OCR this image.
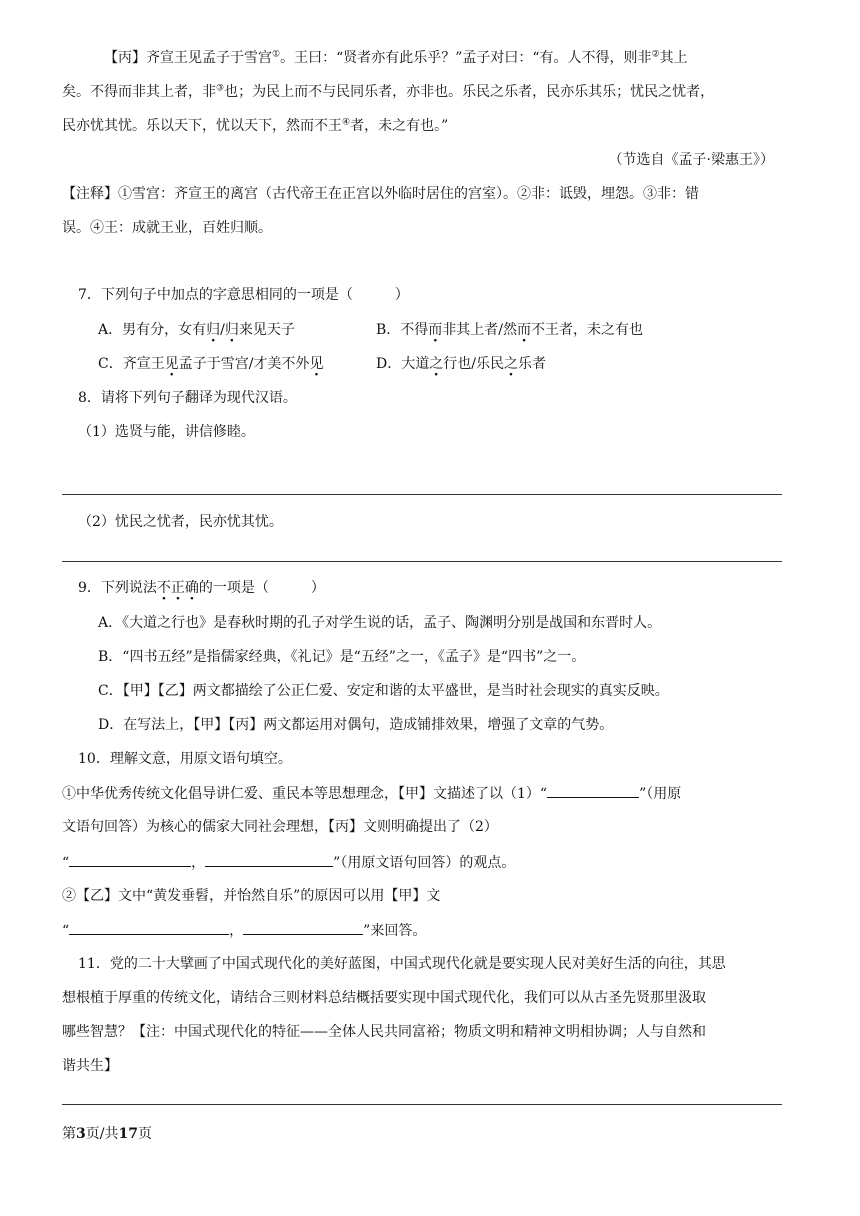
【丙】齐宣王见孟子于雪宫①。王曰：“贤者亦有此乐乎？”孟子对曰：“有。人不得，则非②其上
矣。不得而非其上者，非③也；为民上而不与民同乐者，亦非也。乐民之乐者，民亦乐其乐；忧民之忧者，
民亦忧其忧。乐以天下，忧以天下，然而不王④者，未之有也。”
（节选自《孟子·梁惠王》）
【注释】①雪宫：齐宣王的离宫（古代帝王在正宫以外临时居住的宫室）。②非：诋毁，埋怨。③非：错
误。④王：成就王业，百姓归顺。
7．下列句子中加点的字意思相同的一项是（　　　）
A．男有分，女有归/归来见天子	B．不得而非其上者/然而不王者，未之有也
C．齐宣王见孟子于雪宫/才美不外见	D．大道之行也/乐民之乐者
8．请将下列句子翻译为现代汉语。
（1）选贤与能，讲信修睦。
（2）忧民之忧者，民亦忧其忧。
9．下列说法不正确的一项是（　　　）
A．《大道之行也》是春秋时期的孔子对学生说的话，孟子、陶渊明分别是战国和东晋时人。
B．“四书五经”是指儒家经典，《礼记》是“五经”之一，《孟子》是“四书”之一。
C．【甲】【乙】两文都描绘了公正仁爱、安定和谐的太平盛世，是当时社会现实的真实反映。
D．在写法上，【甲】【丙】两文都运用对偶句，造成铺排效果，增强了文章的气势。
10．理解文意，用原文语句填空。
①中华优秀传统文化倡导讲仁爱、重民本等思想理念，【甲】文描述了以（1）“	”（用原
文语句回答）为核心的儒家大同社会理想，【丙】文则明确提出了（2）
“	，	”（用原文语句回答）的观点。
②【乙】文中“黄发垂髫，并怡然自乐”的原因可以用【甲】文
“	，	”来回答。
11．党的二十大擘画了中国式现代化的美好蓝图，中国式现代化就是要实现人民对美好生活的向往，其思
想根植于厚重的传统文化，请结合三则材料总结概括要实现中国式现代化，我们可以从古圣先贤那里汲取
哪些智慧？【注：中国式现代化的特征——全体人民共同富裕；物质文明和精神文明相协调；人与自然和
谐共生】
第3页/共17页
